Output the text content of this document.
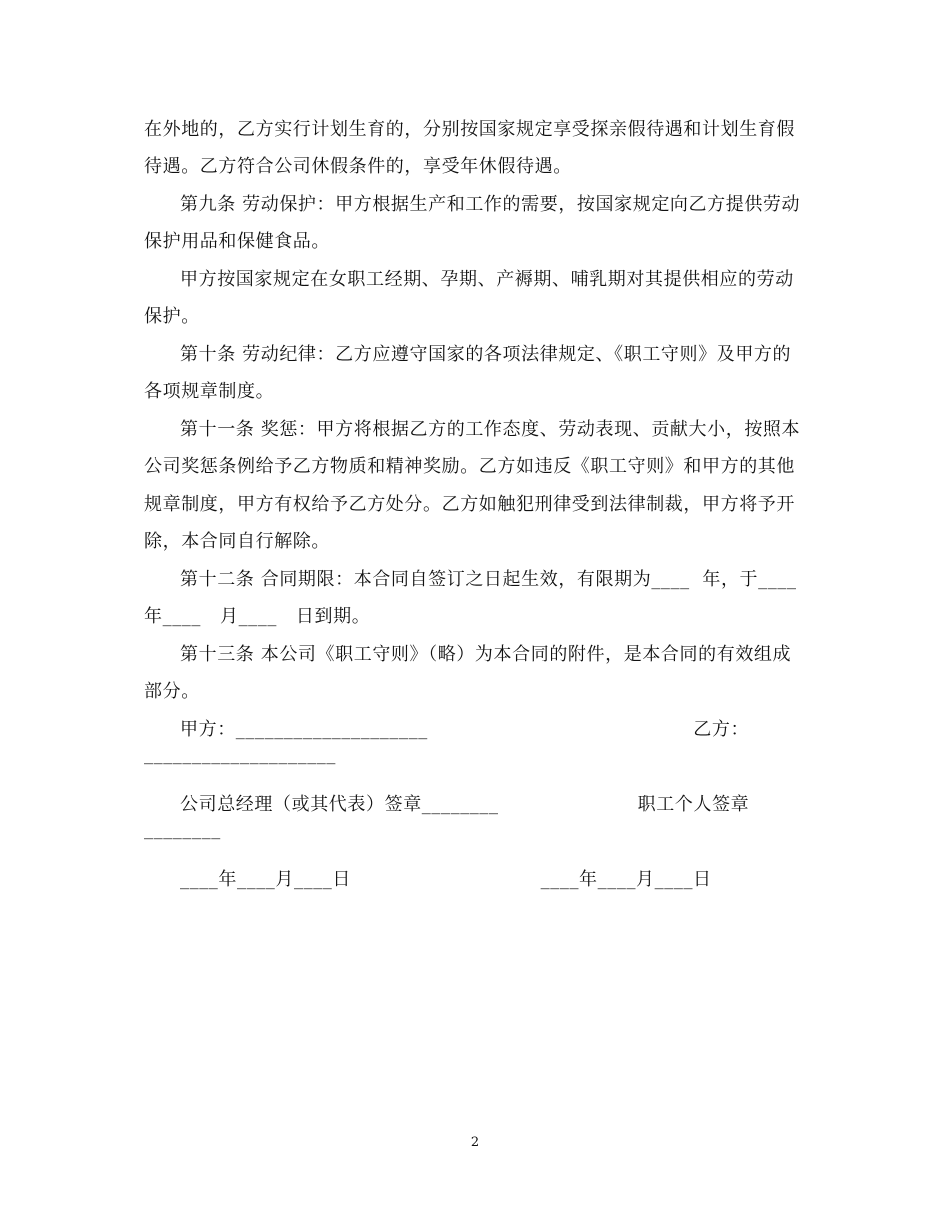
在外地的，乙方实行计划生育的，分别按国家规定享受探亲假待遇和计划生育假
待遇。乙方符合公司休假条件的，享受年休假待遇。
第九条 劳动保护：甲方根据生产和工作的需要，按国家规定向乙方提供劳动
保护用品和保健食品。
甲方按国家规定在女职工经期、孕期、产褥期、哺乳期对其提供相应的劳动
保护。
第十条 劳动纪律：乙方应遵守国家的各项法律规定、《职工守则》及甲方的
各项规章制度。
第十一条 奖惩：甲方将根据乙方的工作态度、劳动表现、贡献大小，按照本
公司奖惩条例给予乙方物质和精神奖励。乙方如违反《职工守则》和甲方的其他
规章制度，甲方有权给予乙方处分。乙方如触犯刑律受到法律制裁，甲方将予开
除，本合同自行解除。
第十二条 合同期限：本合同自签订之日起生效，有限期为____  年，于____
年____   月____   日到期。
第十三条 本公司《职工守则》（略）为本合同的附件，是本合同的有效组成
部分。
甲方：____________________                                          乙方：
____________________
公司总经理（或其代表）签章________                      职工个人签章
________
____年____月____日                              ____年____月____日
2
